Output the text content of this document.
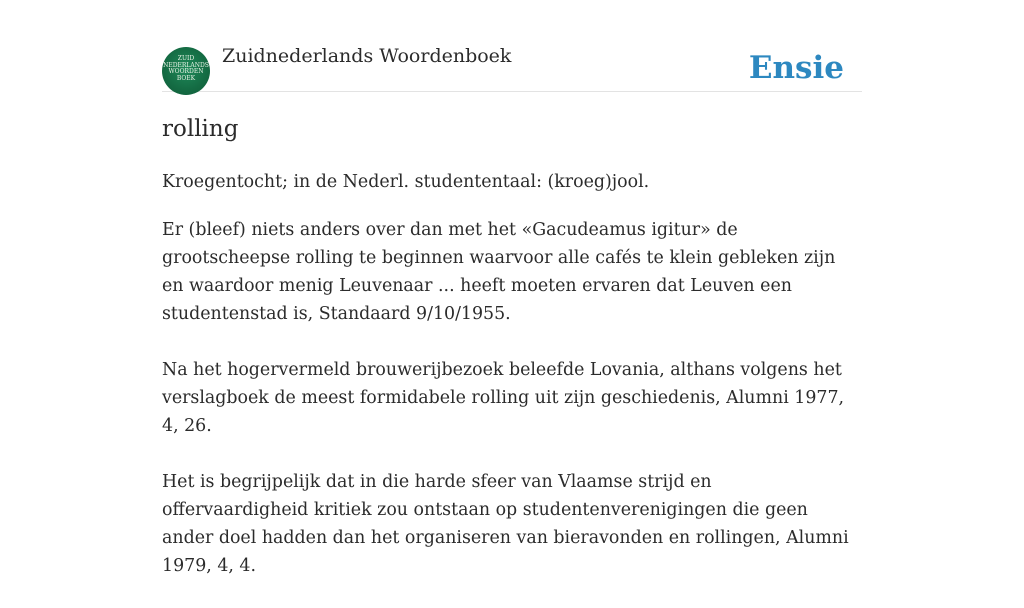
ZUID NEDERLANDS WOORDEN BOEK
Zuidnederlands Woordenboek	Ensie
rolling

Kroegentocht; in de Nederl. studententaal: (kroeg)jool.

Er (bleef) niets anders over dan met het «Gacudeamus igitur» de grootscheepse rolling te beginnen waarvoor alle cafés te klein gebleken zijn en waardoor menig Leuvenaar ... heeft moeten ervaren dat Leuven een studentenstad is, Standaard 9/10/1955.

Na het hogervermeld brouwerijbezoek beleefde Lovania, althans volgens het verslagboek de meest formidabele rolling uit zijn geschiedenis, Alumni 1977, 4, 26.

Het is begrijpelijk dat in die harde sfeer van Vlaamse strijd en offervaardigheid kritiek zou ontstaan op studentenverenigingen die geen ander doel hadden dan het organiseren van bieravonden en rollingen, Alumni 1979, 4, 4.
